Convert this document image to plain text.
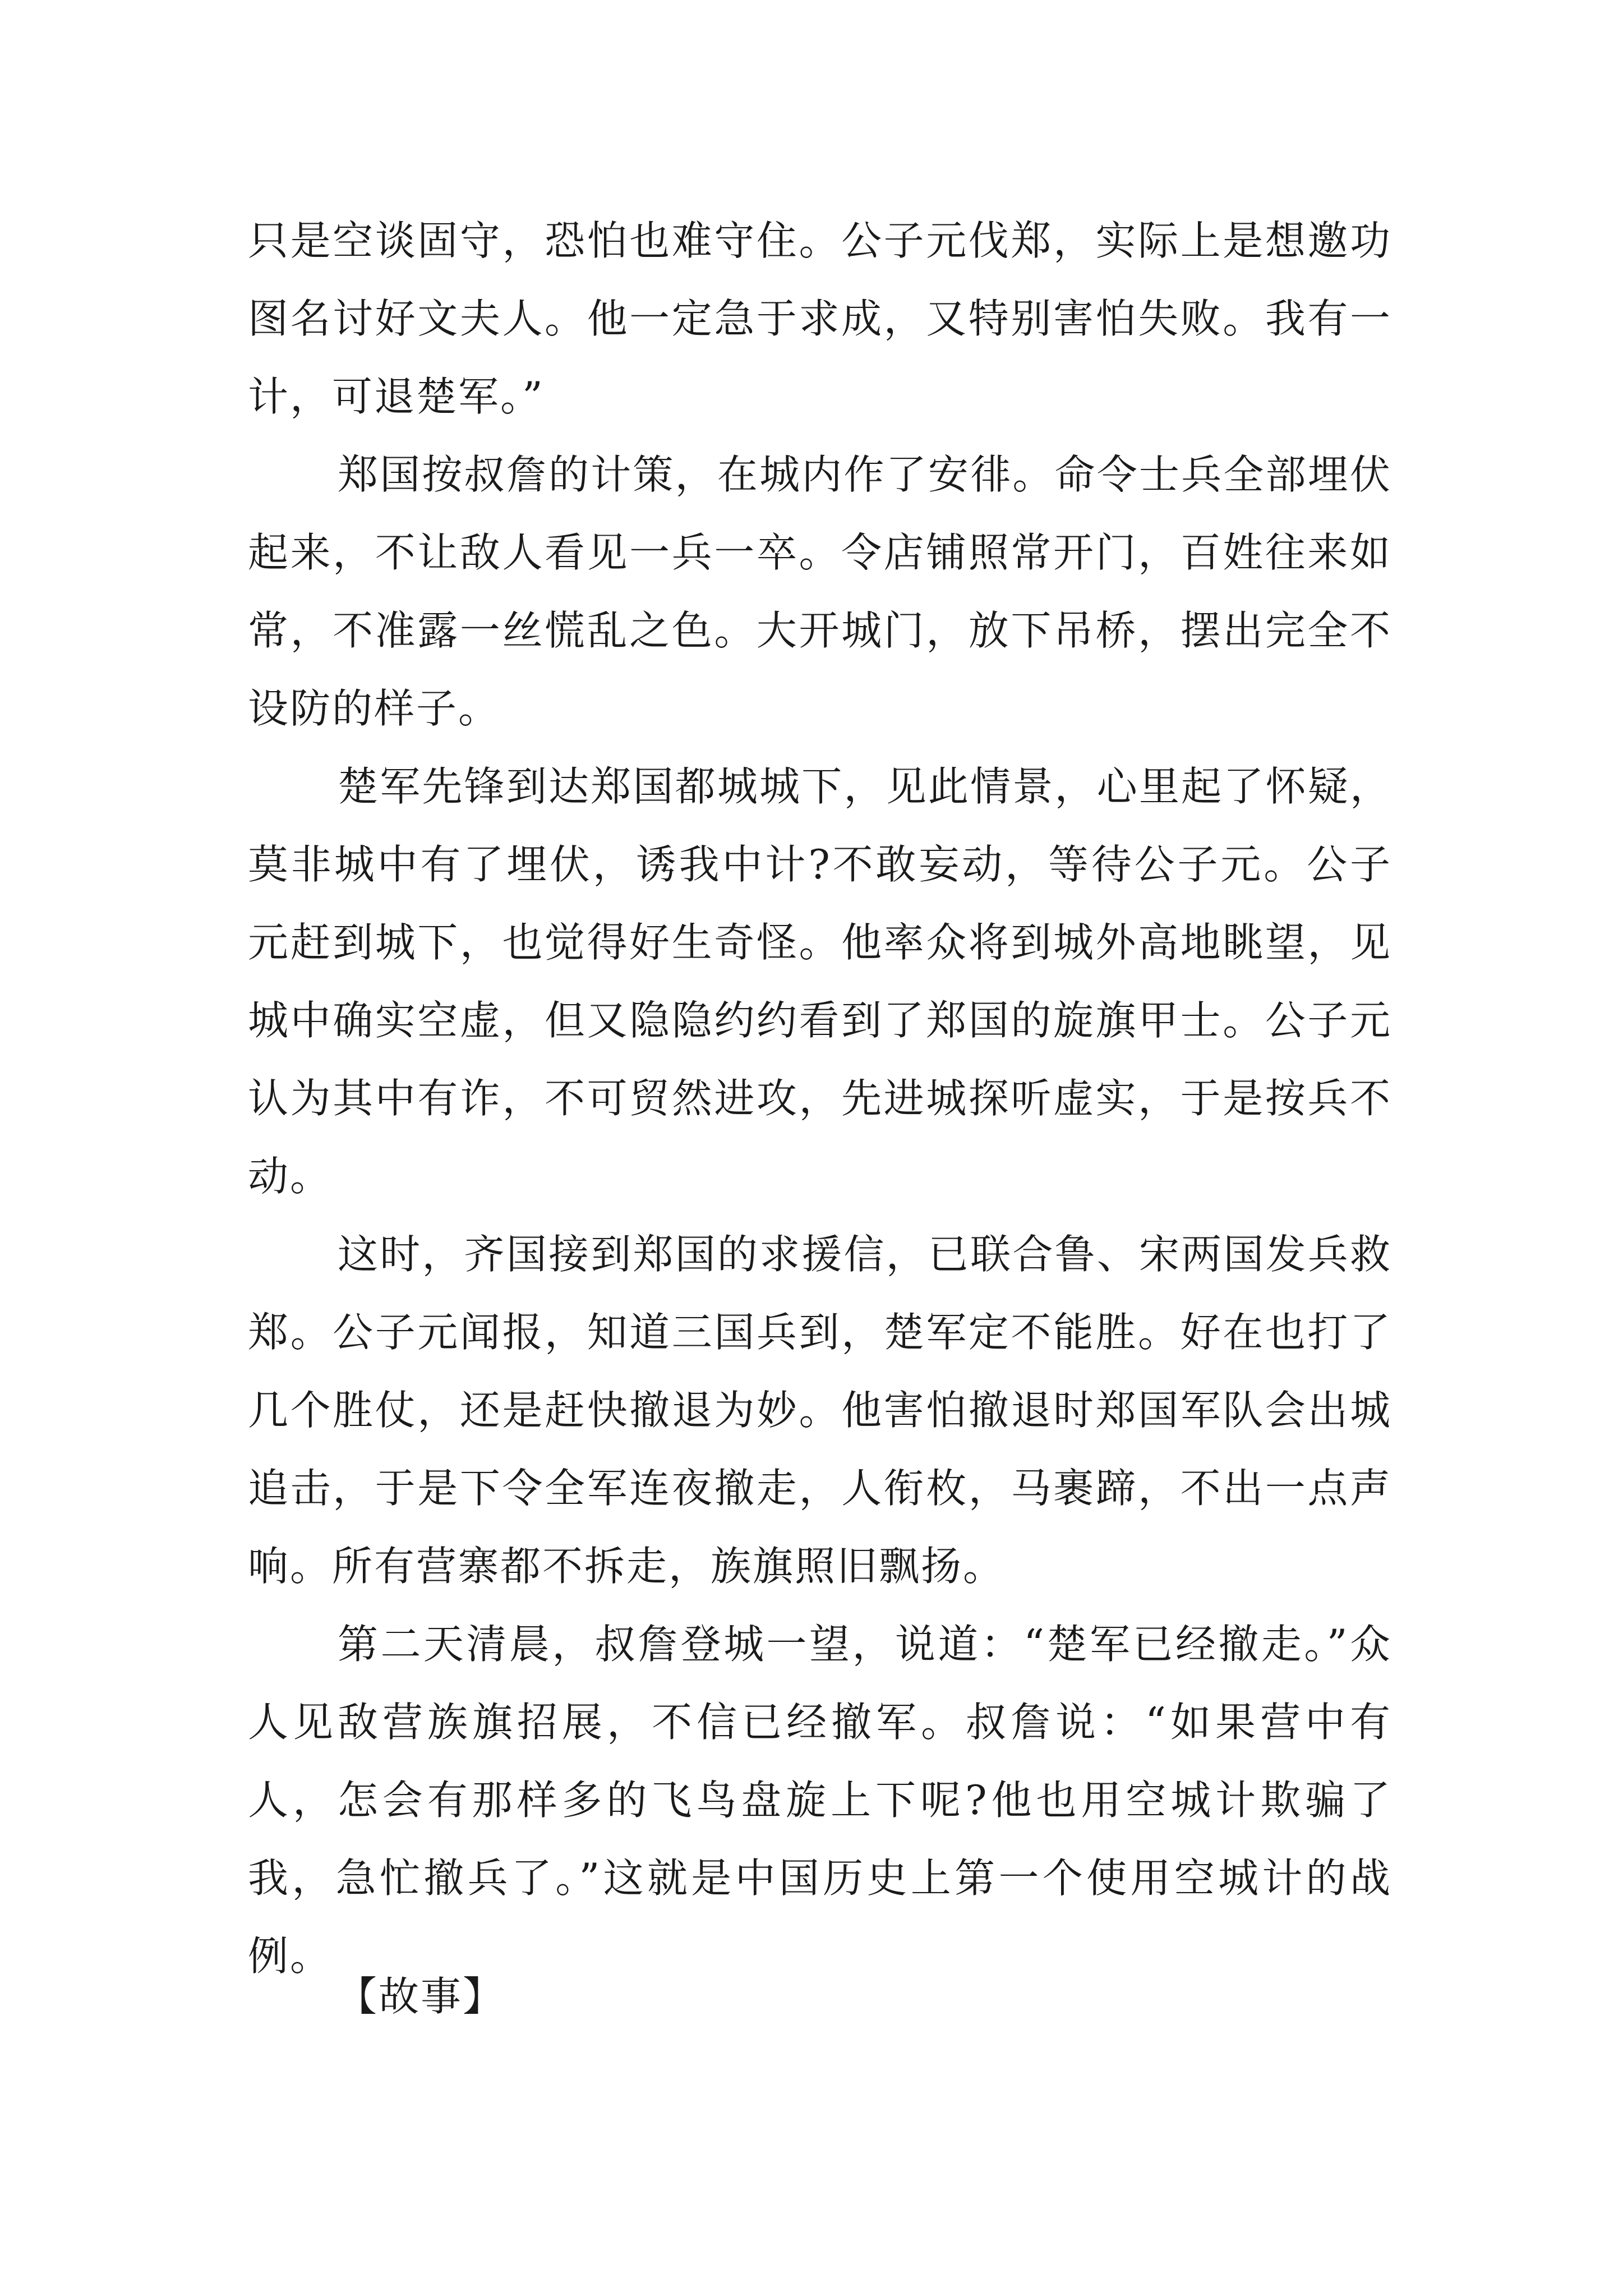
只是空谈固守，恐怕也难守住。公子元伐郑，实际上是想邀功图名讨好文夫人。他一定急于求成，又特别害怕失败。我有一计，可退楚军。”

郑国按叔詹的计策，在城内作了安徘。命令士兵全部埋伏起来，不让敌人看见一兵一卒。令店铺照常开门，百姓往来如常，不准露一丝慌乱之色。大开城门，放下吊桥，摆出完全不设防的样子。

楚军先锋到达郑国都城城下，见此情景，心里起了怀疑，莫非城中有了埋伏，诱我中计?不敢妄动，等待公子元。公子元赶到城下，也觉得好生奇怪。他率众将到城外高地眺望，见城中确实空虚，但又隐隐约约看到了郑国的旋旗甲士。公子元认为其中有诈，不可贸然进攻，先进城探听虚实，于是按兵不动。

这时，齐国接到郑国的求援信，已联合鲁、宋两国发兵救郑。公子元闻报，知道三国兵到，楚军定不能胜。好在也打了几个胜仗，还是赶快撤退为妙。他害怕撤退时郑国军队会出城追击，于是下令全军连夜撤走，人衔枚，马裹蹄，不出一点声响。所有营寨都不拆走，族旗照旧飘扬。

第二天清晨，叔詹登城一望，说道：“楚军已经撤走。”众人见敌营族旗招展，不信已经撤军。叔詹说：“如果营中有人，怎会有那样多的飞鸟盘旋上下呢?他也用空城计欺骗了我，急忙撤兵了。”这就是中国历史上第一个使用空城计的战例。

【故事】
